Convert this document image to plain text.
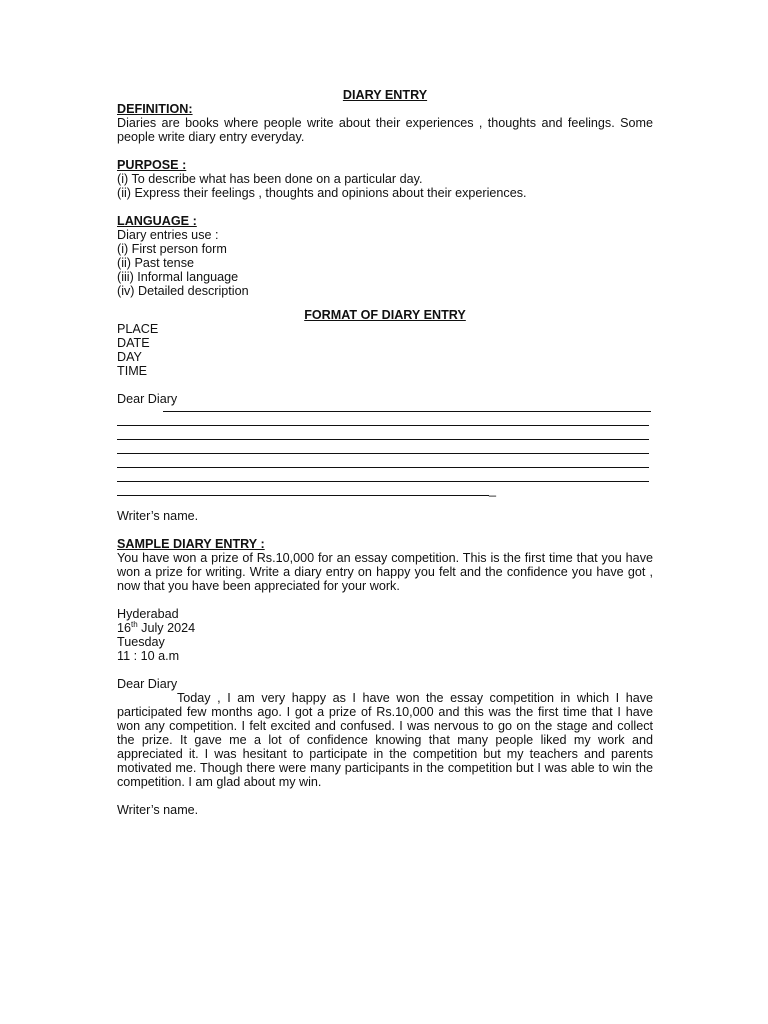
DIARY ENTRY

DEFINITION:

Diaries are books where people write about their experiences , thoughts and feelings. Some people write diary entry everyday.

PURPOSE :

(i) To describe what has been done on a particular day.

(ii) Express their feelings , thoughts and opinions about their experiences.

LANGUAGE :

Diary entries use :

(i) First person form

(ii) Past tense

(iii) Informal language

(iv) Detailed description

FORMAT OF DIARY ENTRY

PLACE

DATE

DAY

TIME

Dear Diary

_

Writer’s name.

SAMPLE DIARY ENTRY :

You have won a prize of Rs.10,000 for an essay competition. This is the first time that you have won a prize for writing. Write a diary entry on happy you felt and the confidence you have got , now that you have been appreciated for your work.

Hyderabad

16th July 2024

Tuesday

11 : 10 a.m

Dear Diary

Today , I am very happy as I have won the essay competition in which I have participated few months ago. I got a prize of Rs.10,000 and this was the first time that I have won any competition. I felt excited and confused. I was nervous to go on the stage and collect the prize. It gave me a lot of confidence knowing that many people liked my work and appreciated it. I was hesitant to participate in the competition but my teachers and parents motivated me. Though there were many participants in the competition but I was able to win the competition. I am glad about my win.

Writer’s name.
